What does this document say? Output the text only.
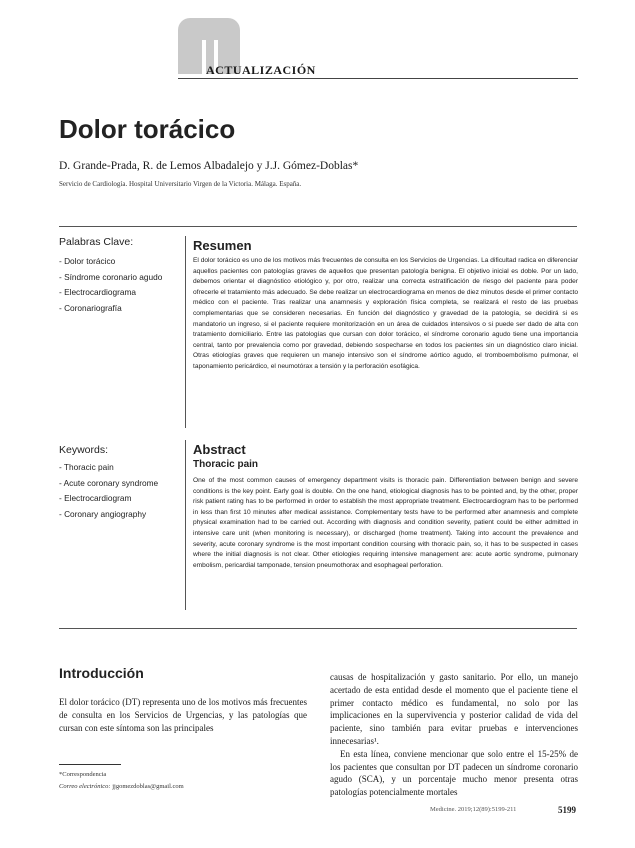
ACTUALIZACIÓN
Dolor torácico
D. Grande-Prada, R. de Lemos Albadalejo y J.J. Gómez-Doblas*
Servicio de Cardiología. Hospital Universitario Virgen de la Victoria. Málaga. España.
Palabras Clave:
- Dolor torácico
- Síndrome coronario agudo
- Electrocardiograma
- Coronariografía
Resumen
El dolor torácico es uno de los motivos más frecuentes de consulta en los Servicios de Urgencias. La dificultad radica en diferenciar aquellos pacientes con patologías graves de aquellos que presentan patología benigna. El objetivo inicial es doble. Por un lado, debemos orientar el diagnóstico etiológico y, por otro, realizar una correcta estratificación de riesgo del paciente para poder ofrecerle el tratamiento más adecuado. Se debe realizar un electrocardiograma en menos de diez minutos desde el primer contacto médico con el paciente. Tras realizar una anamnesis y exploración física completa, se realizará el resto de las pruebas complementarias que se consideren necesarias. En función del diagnóstico y gravedad de la patología, se decidirá si es mandatorio un ingreso, si el paciente requiere monitorización en un área de cuidados intensivos o si puede ser dado de alta con tratamiento domiciliario. Entre las patologías que cursan con dolor torácico, el síndrome coronario agudo tiene una importancia central, tanto por prevalencia como por gravedad, debiendo sospecharse en todos los pacientes sin un diagnóstico claro inicial. Otras etiologías graves que requieren un manejo intensivo son el síndrome aórtico agudo, el tromboembolismo pulmonar, el taponamiento pericárdico, el neumotórax a tensión y la perforación esofágica.
Keywords:
- Thoracic pain
- Acute coronary syndrome
- Electrocardiogram
- Coronary angiography
Abstract
Thoracic pain
One of the most common causes of emergency department visits is thoracic pain. Differentiation between benign and severe conditions is the key point. Early goal is double. On the one hand, etiological diagnosis has to be pointed and, by the other, proper risk patient rating has to be performed in order to establish the most appropriate treatment. Electrocardiogram has to be performed in less than first 10 minutes after medical assistance. Complementary tests have to be performed after anamnesis and complete physical examination had to be carried out. According with diagnosis and condition severity, patient could be either admitted in intensive care unit (when monitoring is necessary), or discharged (home treatment). Taking into account the prevalence and severity, acute coronary syndrome is the most important condition coursing with thoracic pain, so, it has to be suspected in cases where the initial diagnosis is not clear. Other etiologies requiring intensive management are: acute aortic syndrome, pulmonary embolism, pericardial tamponade, tension pneumothorax and esophageal perforation.
Introducción

El dolor torácico (DT) representa uno de los motivos más frecuentes de consulta en los Servicios de Urgencias, y las patologías que cursan con este síntoma son las principales

causas de hospitalización y gasto sanitario. Por ello, un manejo acertado de esta entidad desde el momento que el paciente tiene el primer contacto médico es fundamental, no solo por las implicaciones en la supervivencia y posterior calidad de vida del paciente, sino también para evitar pruebas e intervenciones innecesarias¹.

En esta línea, conviene mencionar que solo entre el 15-25% de los pacientes que consultan por DT padecen un síndrome coronario agudo (SCA), y un porcentaje mucho menor presenta otras patologías potencialmente mortales

*Correspondencia
Correo electrónico: jjgomezdoblas@gmail.com
Medicine. 2019;12(89):5199-211	5199
